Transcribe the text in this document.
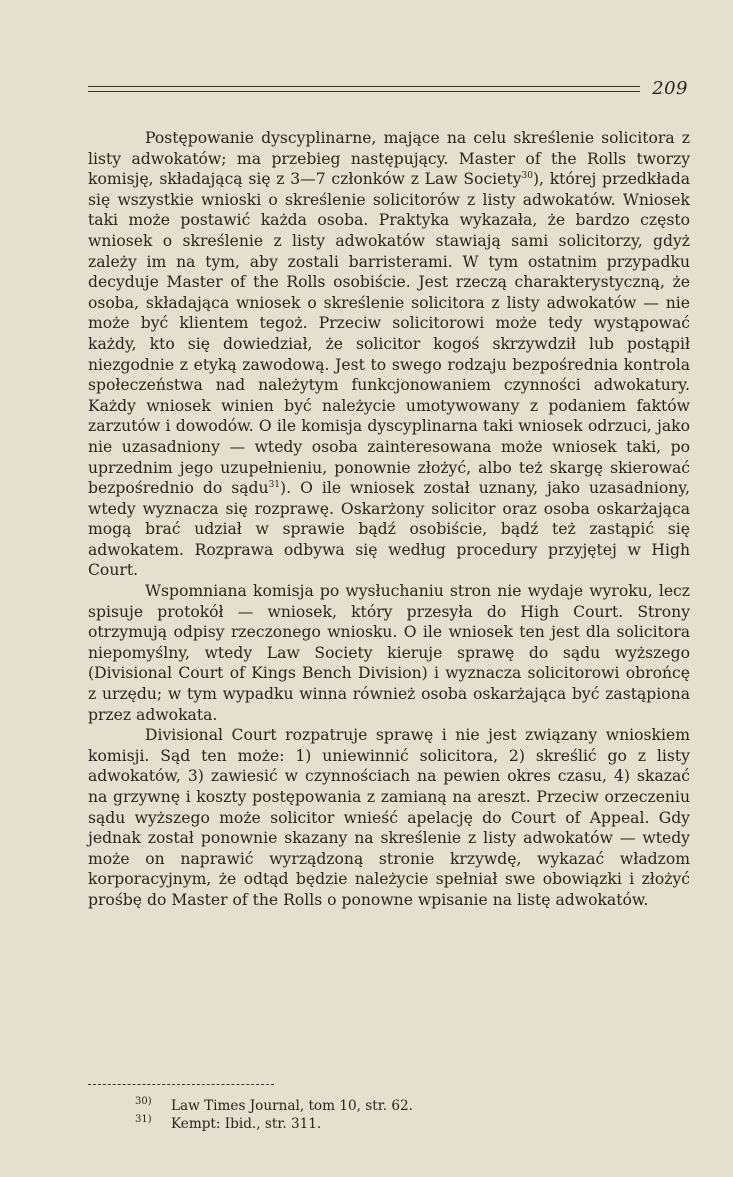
209

Postępowanie dyscyplinarne, mające na celu skreślenie solicitora z listy adwokatów; ma przebieg następujący. Master of the Rolls tworzy komisję, składającą się z 3—7 członków z Law Society$^{30}$), której przedkłada się wszystkie wnioski o skreślenie solicitorów z listy adwokatów. Wniosek taki może postawić każda osoba. Praktyka wykazała, że bardzo często wniosek o skreślenie z listy adwokatów stawiają sami solicitorzy, gdyż zależy im na tym, aby zostali barristerami. W tym ostatnim przypadku decyduje Master of the Rolls osobiście. Jest rzeczą charakterystyczną, że osoba, składająca wniosek o skreślenie solicitora z listy adwokatów — nie może być klientem tegoż. Przeciw solicitorowi może tedy wystąpować każdy, kto się dowiedział, że solicitor kogoś skrzywdził lub postąpił niezgodnie z etyką zawodową. Jest to swego rodzaju bezpośrednia kontrola społeczeństwa nad należytym funkcjonowaniem czynności adwokatury. Każdy wniosek winien być należycie umotywowany z podaniem faktów zarzutów i dowodów. O ile komisja dyscyplinarna taki wniosek odrzuci, jako nie uzasadniony — wtedy osoba zainteresowana może wniosek taki, po uprzednim jego uzupełnieniu, ponownie złożyć, albo też skargę skierować bezpośrednio do sądu$^{31}$). O ile wniosek został uznany, jako uzasadniony, wtedy wyznacza się rozprawę. Oskarżony solicitor oraz osoba oskarżająca mogą brać udział w sprawie bądź osobiście, bądź też zastąpić się adwokatem. Rozprawa odbywa się według procedury przyjętej w High Court.

Wspomniana komisja po wysłuchaniu stron nie wydaje wyroku, lecz spisuje protokół — wniosek, który przesyła do High Court. Strony otrzymują odpisy rzeczonego wniosku. O ile wniosek ten jest dla solicitora niepomyślny, wtedy Law Society kieruje sprawę do sądu wyższego (Divisional Court of Kings Bench Division) i wyznacza solicitorowi obrońcę z urzędu; w tym wypadku winna również osoba oskarżająca być zastąpiona przez adwokata.

Divisional Court rozpatruje sprawę i nie jest związany wnioskiem komisji. Sąd ten może: 1) uniewinnić solicitora, 2) skreślić go z listy adwokatów, 3) zawiesić w czynnościach na pewien okres czasu, 4) skazać na grzywnę i koszty postępowania z zamianą na areszt. Przeciw orzeczeniu sądu wyższego może solicitor wnieść apelację do Court of Appeal. Gdy jednak został ponownie skazany na skreślenie z listy adwokatów — wtedy może on naprawić wyrządzoną stronie krzywdę, wykazać władzom korporacyjnym, że odtąd będzie należycie spełniał swe obowiązki i złożyć prośbę do Master of the Rolls o ponowne wpisanie na listę adwokatów.

30) Law Times Journal, tom 10, str. 62.
31) Kempt: Ibid., str. 311.
